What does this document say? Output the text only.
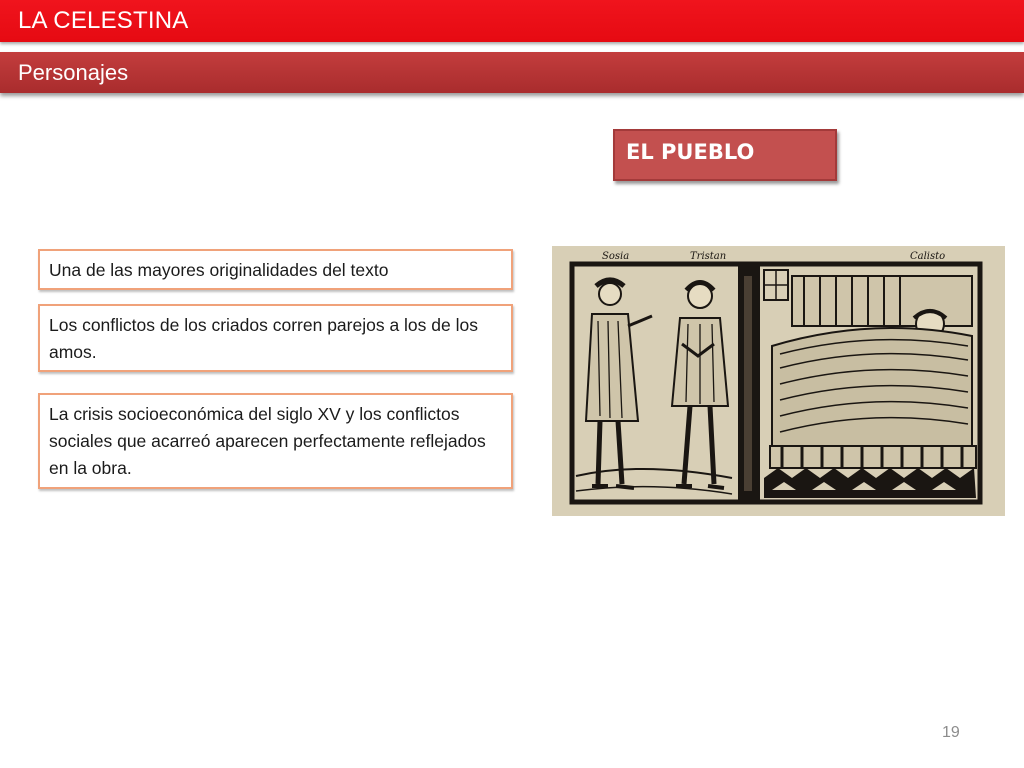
LA CELESTINA
Personajes
EL PUEBLO
Una de las mayores originalidades del texto
Los conflictos de los criados corren parejos a los de los amos.
La crisis socioeconómica del siglo XV y los conflictos sociales que acarreó aparecen perfectamente reflejados en la obra.
Sosia	Tristan	Calisto
19
